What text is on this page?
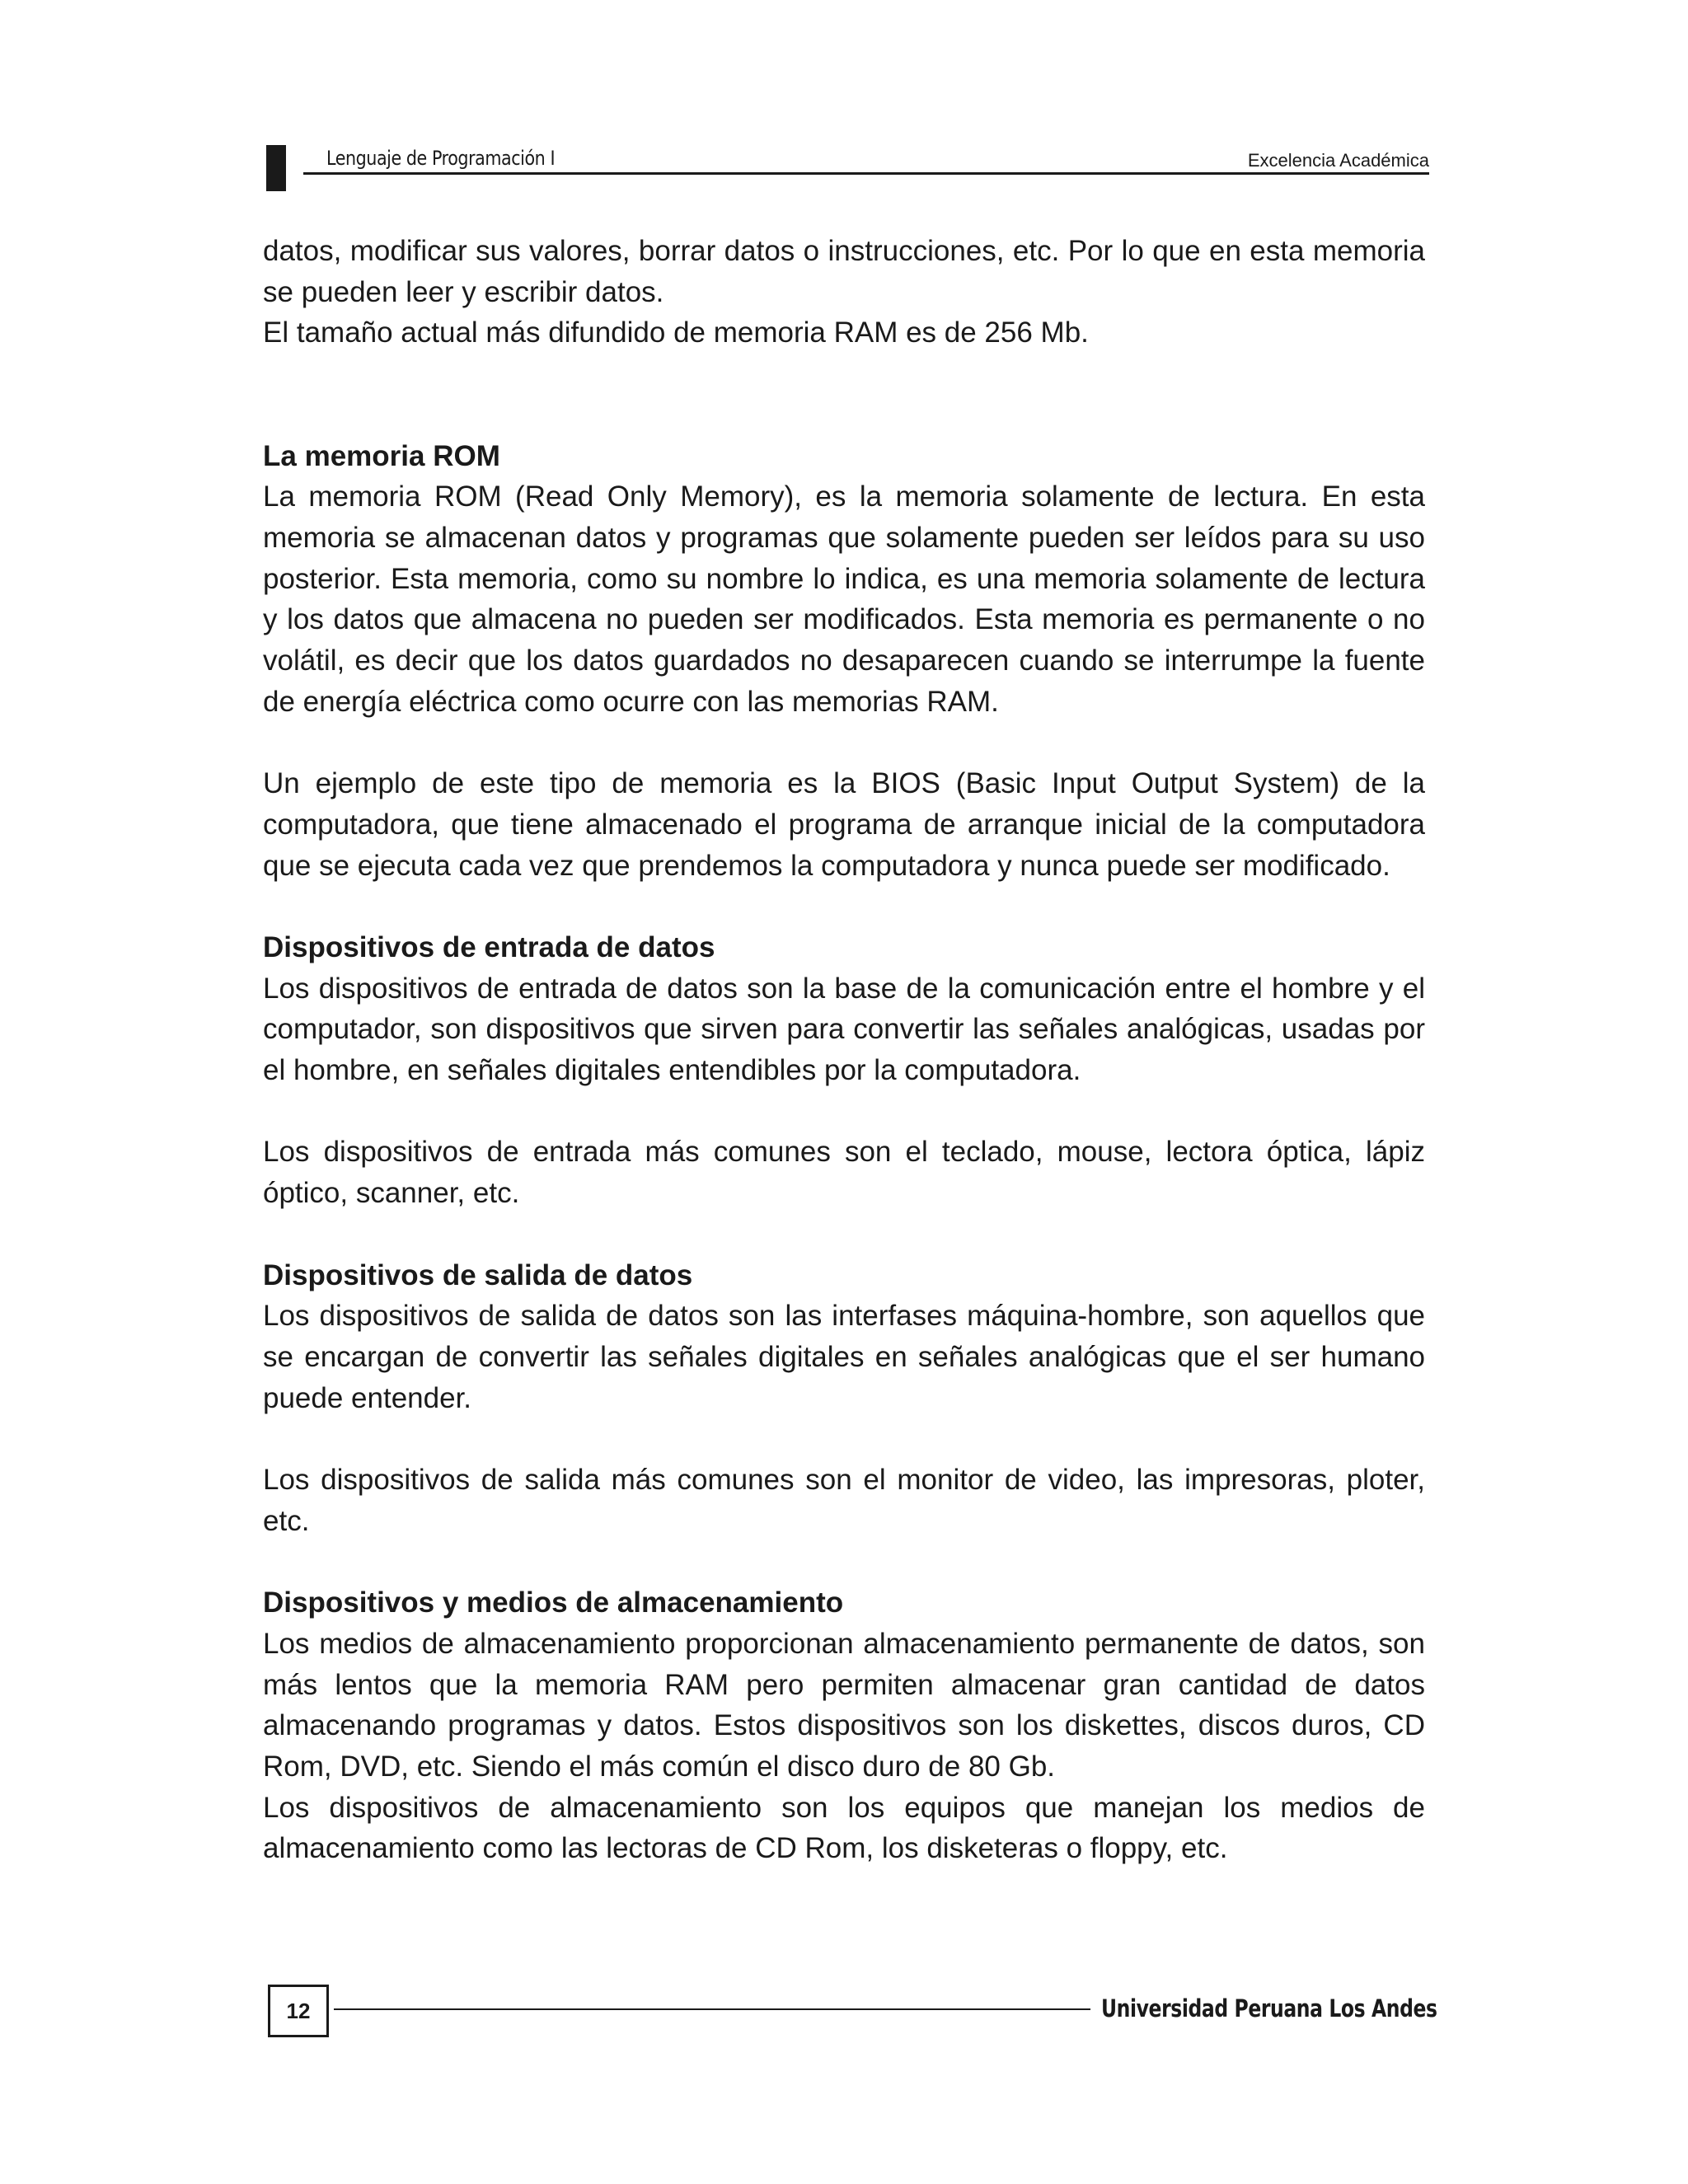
Lenguaje de Programación I	Excelencia Académica

datos, modificar sus valores, borrar datos o instrucciones, etc. Por lo que en esta memoria se pueden leer y escribir datos.

El tamaño actual más difundido de memoria RAM es de 256 Mb.

La memoria ROM

La memoria ROM (Read Only Memory), es la memoria solamente de lectura. En esta memoria se almacenan datos y programas que solamente pueden ser leídos para su uso posterior. Esta memoria, como su nombre lo indica, es una memoria solamente de lectura y los datos que almacena no pueden ser modificados. Esta memoria es permanente o no volátil, es decir que los datos guardados no desaparecen cuando se interrumpe la fuente de energía eléctrica como ocurre con las memorias RAM.

Un ejemplo de este tipo de memoria es la BIOS (Basic Input Output System) de la computadora, que tiene almacenado el programa de arranque inicial de la computadora que se ejecuta cada vez que prendemos la computadora y nunca puede ser modificado.

Dispositivos de entrada de datos

Los dispositivos de entrada de datos son la base de la comunicación entre el hombre y el computador, son dispositivos que sirven para convertir las señales analógicas, usadas por el hombre, en señales digitales entendibles por la computadora.

Los dispositivos de entrada más comunes son el teclado, mouse, lectora óptica, lápiz óptico, scanner, etc.

Dispositivos de salida de datos

Los dispositivos de salida de datos son las interfases máquina-hombre, son aquellos que se encargan de convertir las señales digitales en señales analógicas que el ser humano puede entender.

Los dispositivos de salida más comunes son el monitor de video, las impresoras, ploter, etc.

Dispositivos y medios de almacenamiento

Los medios de almacenamiento proporcionan almacenamiento permanente de datos, son más lentos que la memoria RAM pero permiten almacenar gran cantidad de datos almacenando programas y datos. Estos dispositivos son los diskettes, discos duros, CD Rom, DVD, etc. Siendo el más común el disco duro de 80 Gb.

Los dispositivos de almacenamiento son los equipos que manejan los medios de almacenamiento como las lectoras de CD Rom, los disketeras o floppy, etc.

12	Universidad Peruana Los Andes
